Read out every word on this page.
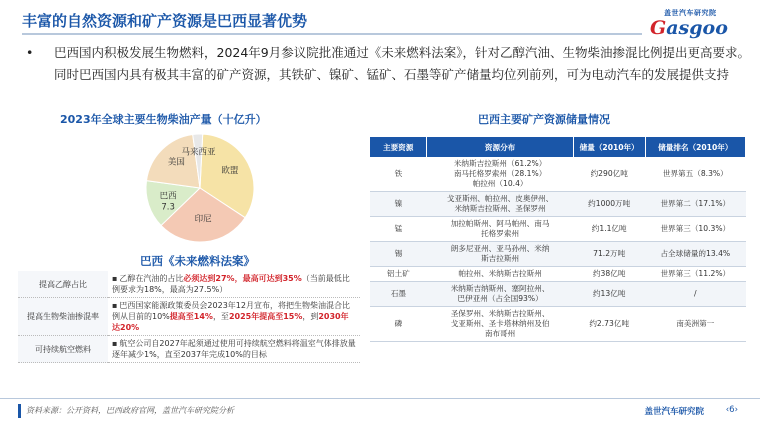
丰富的自然资源和矿产资源是巴西显著优势	盖世汽车研究院
Gasgoo
• 巴西国内积极发展生物燃料，2024年9月参议院批准通过《未来燃料法案》，针对乙醇汽油、生物柴油掺混比例提出更高要求。同时巴西国内具有极其丰富的矿产资源，其铁矿、镍矿、锰矿、石墨等矿产储量均位列前列，可为电动汽车的发展提供支持
2023年全球主要生物柴油产量（十亿升）
欧盟
印尼
巴西
7.3
美国
马来西亚
巴西《未来燃料法案》
提高乙醇占比	▪ 乙醇在汽油的占比必须达到27%，最高可达到35%（当前最低比例要求为18%，最高为27.5%）
提高生物柴油掺混率	▪ 巴西国家能源政策委员会2023年12月宣布，将把生物柴油混合比例从目前的10%提高至14%，至2025年提高至15%，到2030年达20%
可持续航空燃料	▪ 航空公司自2027年起须通过使用可持续航空燃料将温室气体排放量逐年减少1%，直至2037年完成10%的目标
巴西主要矿产资源储量情况
主要资源	资源分布	储量（2010年）	储量排名（2010年）
铁	米纳斯吉拉斯州（61.2%）
南马托格罗索州（28.1%）
帕拉州（10.4）	约290亿吨	世界第五（8.3%）
镍	戈亚斯州、帕拉州、皮奥伊州、
米纳斯吉拉斯州、圣保罗州	约1000万吨	世界第二（17.1%）
锰	加拉帕斯州、阿马帕州、南马
托格罗索州	约1.1亿吨	世界第三（10.3%）
锡	朗多尼亚州、亚马孙州、米纳
斯吉拉斯州	71.2万吨	占全球储量的13.4%
铝土矿	帕拉州、米纳斯吉拉斯州	约38亿吨	世界第三（11.2%）
石墨	米纳斯吉纳斯州、塞阿拉州、
巴伊亚州（占全国93%）	约13亿吨	/
磷	圣保罗州、米纳斯吉拉斯州、
戈亚斯州、圣卡塔林纳州及伯
南布哥州	约2.73亿吨	南美洲第一
资料来源：公开资料，巴西政府官网，盖世汽车研究院分析	盖世汽车研究院	‹6›
